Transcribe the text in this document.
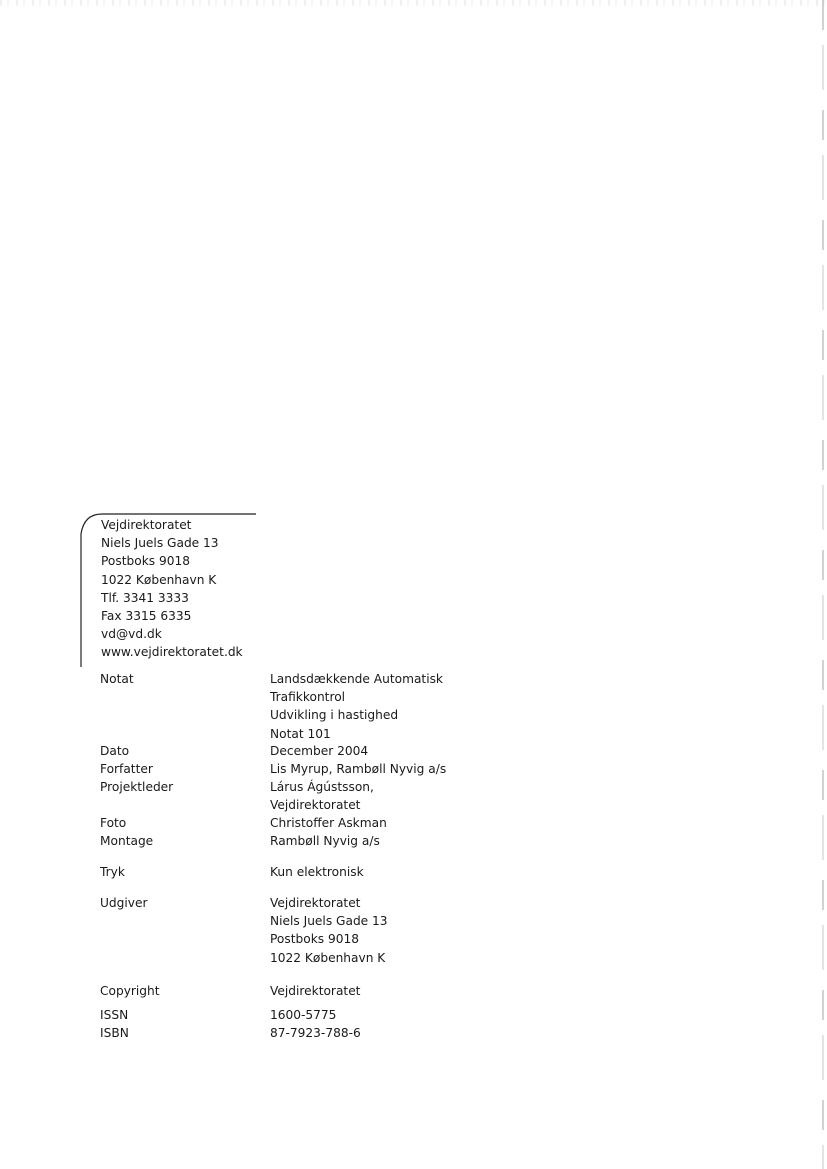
Vejdirektoratet
Niels Juels Gade 13
Postboks 9018
1022 København K
Tlf. 3341 3333
Fax 3315 6335
vd@vd.dk
www.vejdirektoratet.dk
Notat	Landsdækkende Automatisk
Trafikkontrol
Udvikling i hastighed
Notat 101
Dato	December 2004
Forfatter	Lis Myrup, Rambøll Nyvig a/s
Projektleder	Lárus Ágústsson,
Vejdirektoratet
Foto	Christoffer Askman
Montage	Rambøll Nyvig a/s
Tryk	Kun elektronisk
Udgiver	Vejdirektoratet
Niels Juels Gade 13
Postboks 9018
1022 København K
Copyright	Vejdirektoratet
ISSN	1600-5775
ISBN	87-7923-788-6
